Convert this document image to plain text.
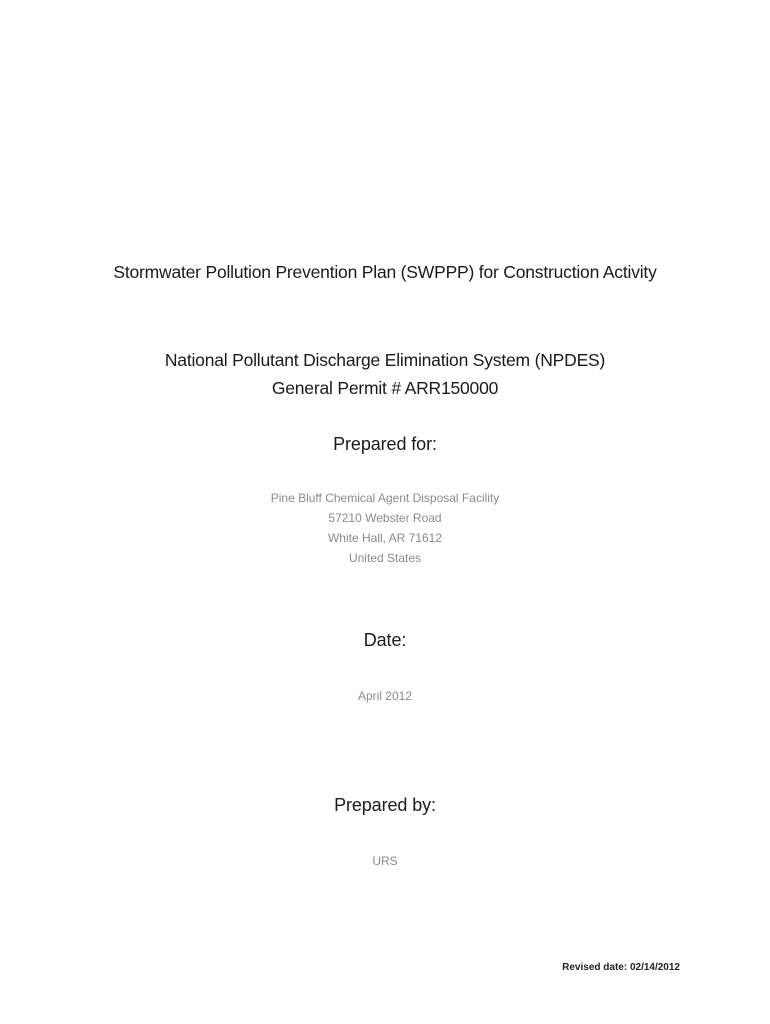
Stormwater Pollution Prevention Plan (SWPPP) for Construction Activity
National Pollutant Discharge Elimination System (NPDES)
General Permit # ARR150000
Prepared for:
Pine Bluff Chemical Agent Disposal Facility
57210 Webster Road
White Hall, AR 71612
United States
Date:
April 2012
Prepared by:
URS
Revised date: 02/14/2012
